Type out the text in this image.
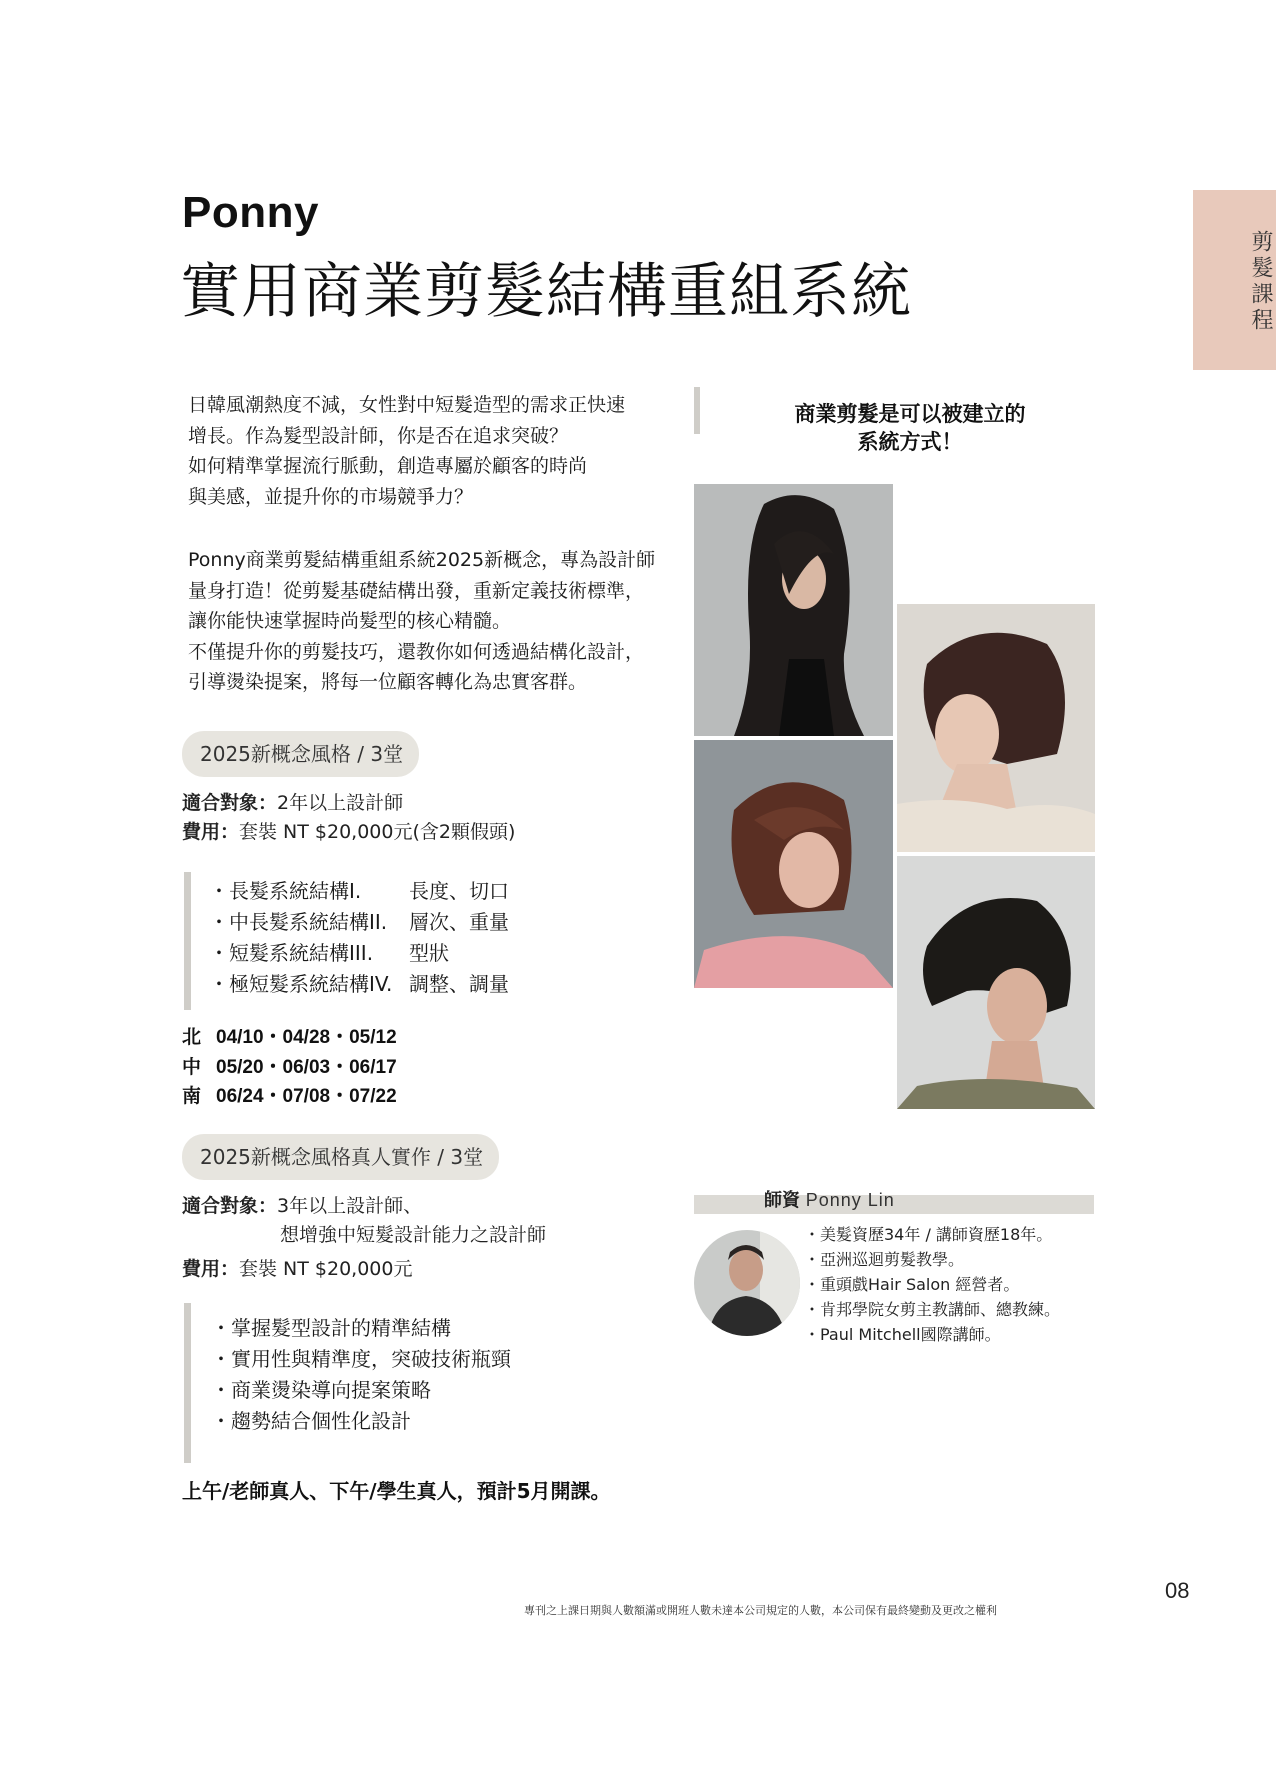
Ponny
實用商業剪髮結構重組系統	剪髮課程

日韓風潮熱度不減，女性對中短髮造型的需求正快速

增長。作為髮型設計師，你是否在追求突破？

如何精準掌握流行脈動，創造專屬於顧客的時尚

與美感，並提升你的市場競爭力？

Ponny商業剪髮結構重組系統2025新概念，專為設計師

量身打造！從剪髮基礎結構出發，重新定義技術標準，

讓你能快速掌握時尚髮型的核心精髓。

不僅提升你的剪髮技巧，還教你如何透過結構化設計，

引導燙染提案，將每一位顧客轉化為忠實客群。

2025新概念風格 / 3堂
適合對象：2年以上設計師
費用：套裝 NT $20,000元(含2顆假頭)
・長髮系統結構I.	長度、切口
・中長髮系統結構II.	層次、重量
・短髮系統結構III.	型狀
・極短髮系統結構IV. 調整、調量
北 04/10・04/28・05/12
中 05/20・06/03・06/17
南 06/24・07/08・07/22
2025新概念風格真人實作 / 3堂
適合對象：3年以上設計師、
想增強中短髮設計能力之設計師
費用：套裝 NT $20,000元
・掌握髮型設計的精準結構
・實用性與精準度，突破技術瓶頸
・商業燙染導向提案策略
・趨勢結合個性化設計
上午/老師真人、下午/學生真人，預計5月開課。
商業剪髮是可以被建立的
系統方式！
師資 Ponny Lin
・美髮資歷34年 / 講師資歷18年。
・亞洲巡迴剪髮教學。
・重頭戲Hair Salon 經營者。
・肯邦學院女剪主教講師、總教練。
・Paul Mitchell國際講師。
08
專刊之上課日期與人數額滿或開班人數未達本公司規定的人數，本公司保有最終變動及更改之權利
